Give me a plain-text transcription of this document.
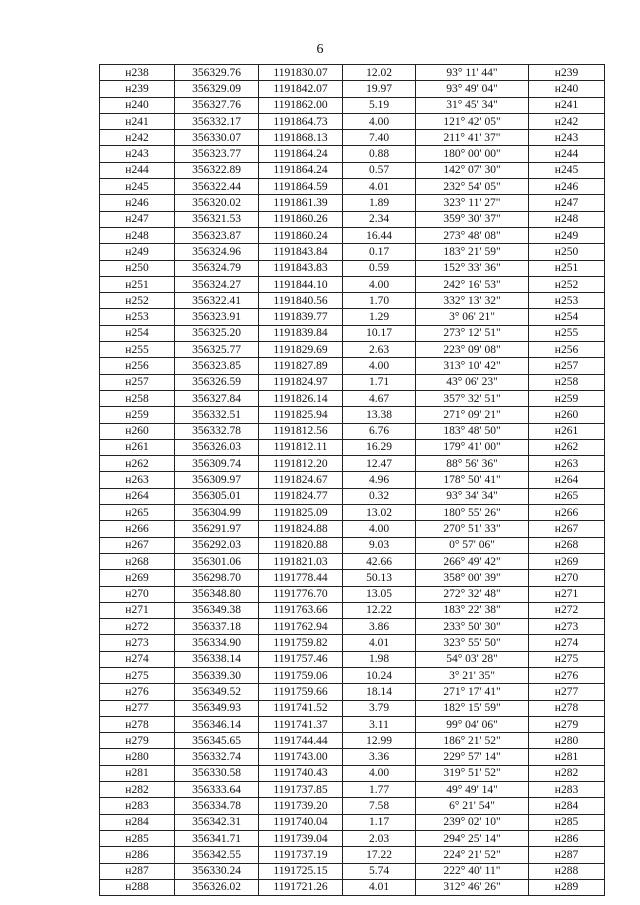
6
н238	356329.76	1191830.07	12.02	93° 11' 44"	н239
н239	356329.09	1191842.07	19.97	93° 49' 04"	н240
н240	356327.76	1191862.00	5.19	31° 45' 34"	н241
н241	356332.17	1191864.73	4.00	121° 42' 05"	н242
н242	356330.07	1191868.13	7.40	211° 41' 37"	н243
н243	356323.77	1191864.24	0.88	180° 00' 00"	н244
н244	356322.89	1191864.24	0.57	142° 07' 30"	н245
н245	356322.44	1191864.59	4.01	232° 54' 05"	н246
н246	356320.02	1191861.39	1.89	323° 11' 27"	н247
н247	356321.53	1191860.26	2.34	359° 30' 37"	н248
н248	356323.87	1191860.24	16.44	273° 48' 08"	н249
н249	356324.96	1191843.84	0.17	183° 21' 59"	н250
н250	356324.79	1191843.83	0.59	152° 33' 36"	н251
н251	356324.27	1191844.10	4.00	242° 16' 53"	н252
н252	356322.41	1191840.56	1.70	332° 13' 32"	н253
н253	356323.91	1191839.77	1.29	3° 06' 21"	н254
н254	356325.20	1191839.84	10.17	273° 12' 51"	н255
н255	356325.77	1191829.69	2.63	223° 09' 08"	н256
н256	356323.85	1191827.89	4.00	313° 10' 42"	н257
н257	356326.59	1191824.97	1.71	43° 06' 23"	н258
н258	356327.84	1191826.14	4.67	357° 32' 51"	н259
н259	356332.51	1191825.94	13.38	271° 09' 21"	н260
н260	356332.78	1191812.56	6.76	183° 48' 50"	н261
н261	356326.03	1191812.11	16.29	179° 41' 00"	н262
н262	356309.74	1191812.20	12.47	88° 56' 36"	н263
н263	356309.97	1191824.67	4.96	178° 50' 41"	н264
н264	356305.01	1191824.77	0.32	93° 34' 34"	н265
н265	356304.99	1191825.09	13.02	180° 55' 26"	н266
н266	356291.97	1191824.88	4.00	270° 51' 33"	н267
н267	356292.03	1191820.88	9.03	0° 57' 06"	н268
н268	356301.06	1191821.03	42.66	266° 49' 42"	н269
н269	356298.70	1191778.44	50.13	358° 00' 39"	н270
н270	356348.80	1191776.70	13.05	272° 32' 48"	н271
н271	356349.38	1191763.66	12.22	183° 22' 38"	н272
н272	356337.18	1191762.94	3.86	233° 50' 30"	н273
н273	356334.90	1191759.82	4.01	323° 55' 50"	н274
н274	356338.14	1191757.46	1.98	54° 03' 28"	н275
н275	356339.30	1191759.06	10.24	3° 21' 35"	н276
н276	356349.52	1191759.66	18.14	271° 17' 41"	н277
н277	356349.93	1191741.52	3.79	182° 15' 59"	н278
н278	356346.14	1191741.37	3.11	99° 04' 06"	н279
н279	356345.65	1191744.44	12.99	186° 21' 52"	н280
н280	356332.74	1191743.00	3.36	229° 57' 14"	н281
н281	356330.58	1191740.43	4.00	319° 51' 52"	н282
н282	356333.64	1191737.85	1.77	49° 49' 14"	н283
н283	356334.78	1191739.20	7.58	6° 21' 54"	н284
н284	356342.31	1191740.04	1.17	239° 02' 10"	н285
н285	356341.71	1191739.04	2.03	294° 25' 14"	н286
н286	356342.55	1191737.19	17.22	224° 21' 52"	н287
н287	356330.24	1191725.15	5.74	222° 40' 11"	н288
н288	356326.02	1191721.26	4.01	312° 46' 26"	н289
